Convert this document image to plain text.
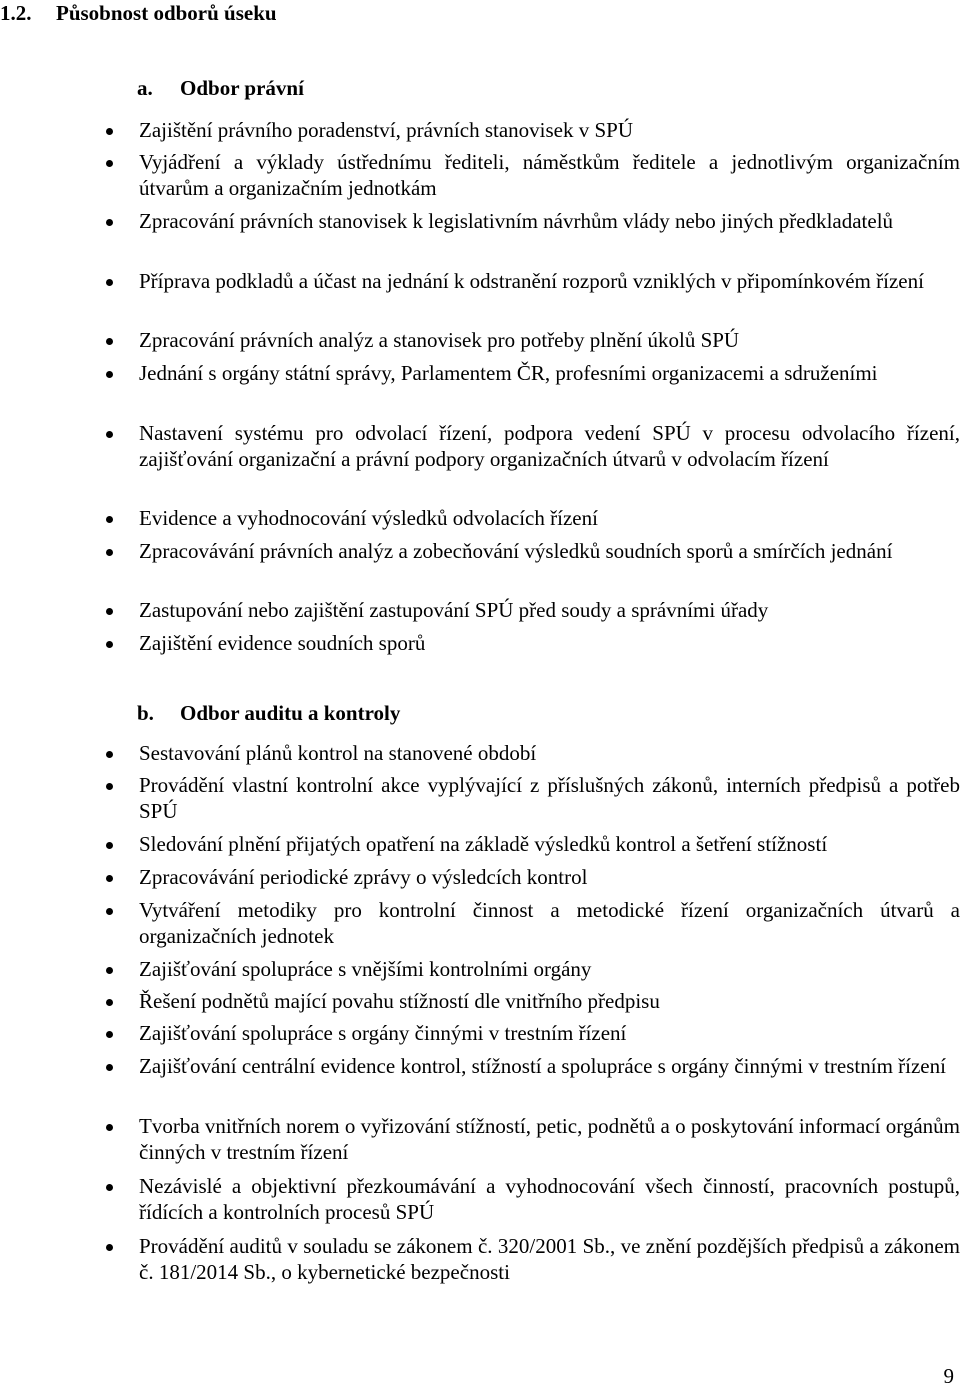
1.2. Působnost odborů úseku
a. Odbor právní
Zajištění právního poradenství, právních stanovisek v SPÚ
Vyjádření a výklady ústřednímu řediteli, náměstkům ředitele a jednotlivým organizačním útvarům a organizačním jednotkám
Zpracování právních stanovisek k legislativním návrhům vlády nebo jiných předkladatelů
Příprava podkladů a účast na jednání k odstranění rozporů vzniklých v připomínkovém řízení
Zpracování právních analýz a stanovisek pro potřeby plnění úkolů SPÚ
Jednání s orgány státní správy, Parlamentem ČR, profesními organizacemi a sdruženími
Nastavení systému pro odvolací řízení, podpora vedení SPÚ v procesu odvolacího řízení, zajišťování organizační a právní podpory organizačních útvarů v odvolacím řízení
Evidence a vyhodnocování výsledků odvolacích řízení
Zpracovávání právních analýz a zobecňování výsledků soudních sporů a smírčích jednání
Zastupování nebo zajištění zastupování SPÚ před soudy a správními úřady
Zajištění evidence soudních sporů
b. Odbor auditu a kontroly
Sestavování plánů kontrol na stanovené období
Provádění vlastní kontrolní akce vyplývající z příslušných zákonů, interních předpisů a potřeb SPÚ
Sledování plnění přijatých opatření na základě výsledků kontrol a šetření stížností
Zpracovávání periodické zprávy o výsledcích kontrol
Vytváření metodiky pro kontrolní činnost a metodické řízení organizačních útvarů a organizačních jednotek
Zajišťování spolupráce s vnějšími kontrolními orgány
Řešení podnětů mající povahu stížností dle vnitřního předpisu
Zajišťování spolupráce s orgány činnými v trestním řízení
Zajišťování centrální evidence kontrol, stížností a spolupráce s orgány činnými v trestním řízení
Tvorba vnitřních norem o vyřizování stížností, petic, podnětů a o poskytování informací orgánům činných v trestním řízení
Nezávislé a objektivní přezkoumávání a vyhodnocování všech činností, pracovních postupů, řídících a kontrolních procesů SPÚ
Provádění auditů v souladu se zákonem č. 320/2001 Sb., ve znění pozdějších předpisů a zákonem č. 181/2014 Sb., o kybernetické bezpečnosti
9
